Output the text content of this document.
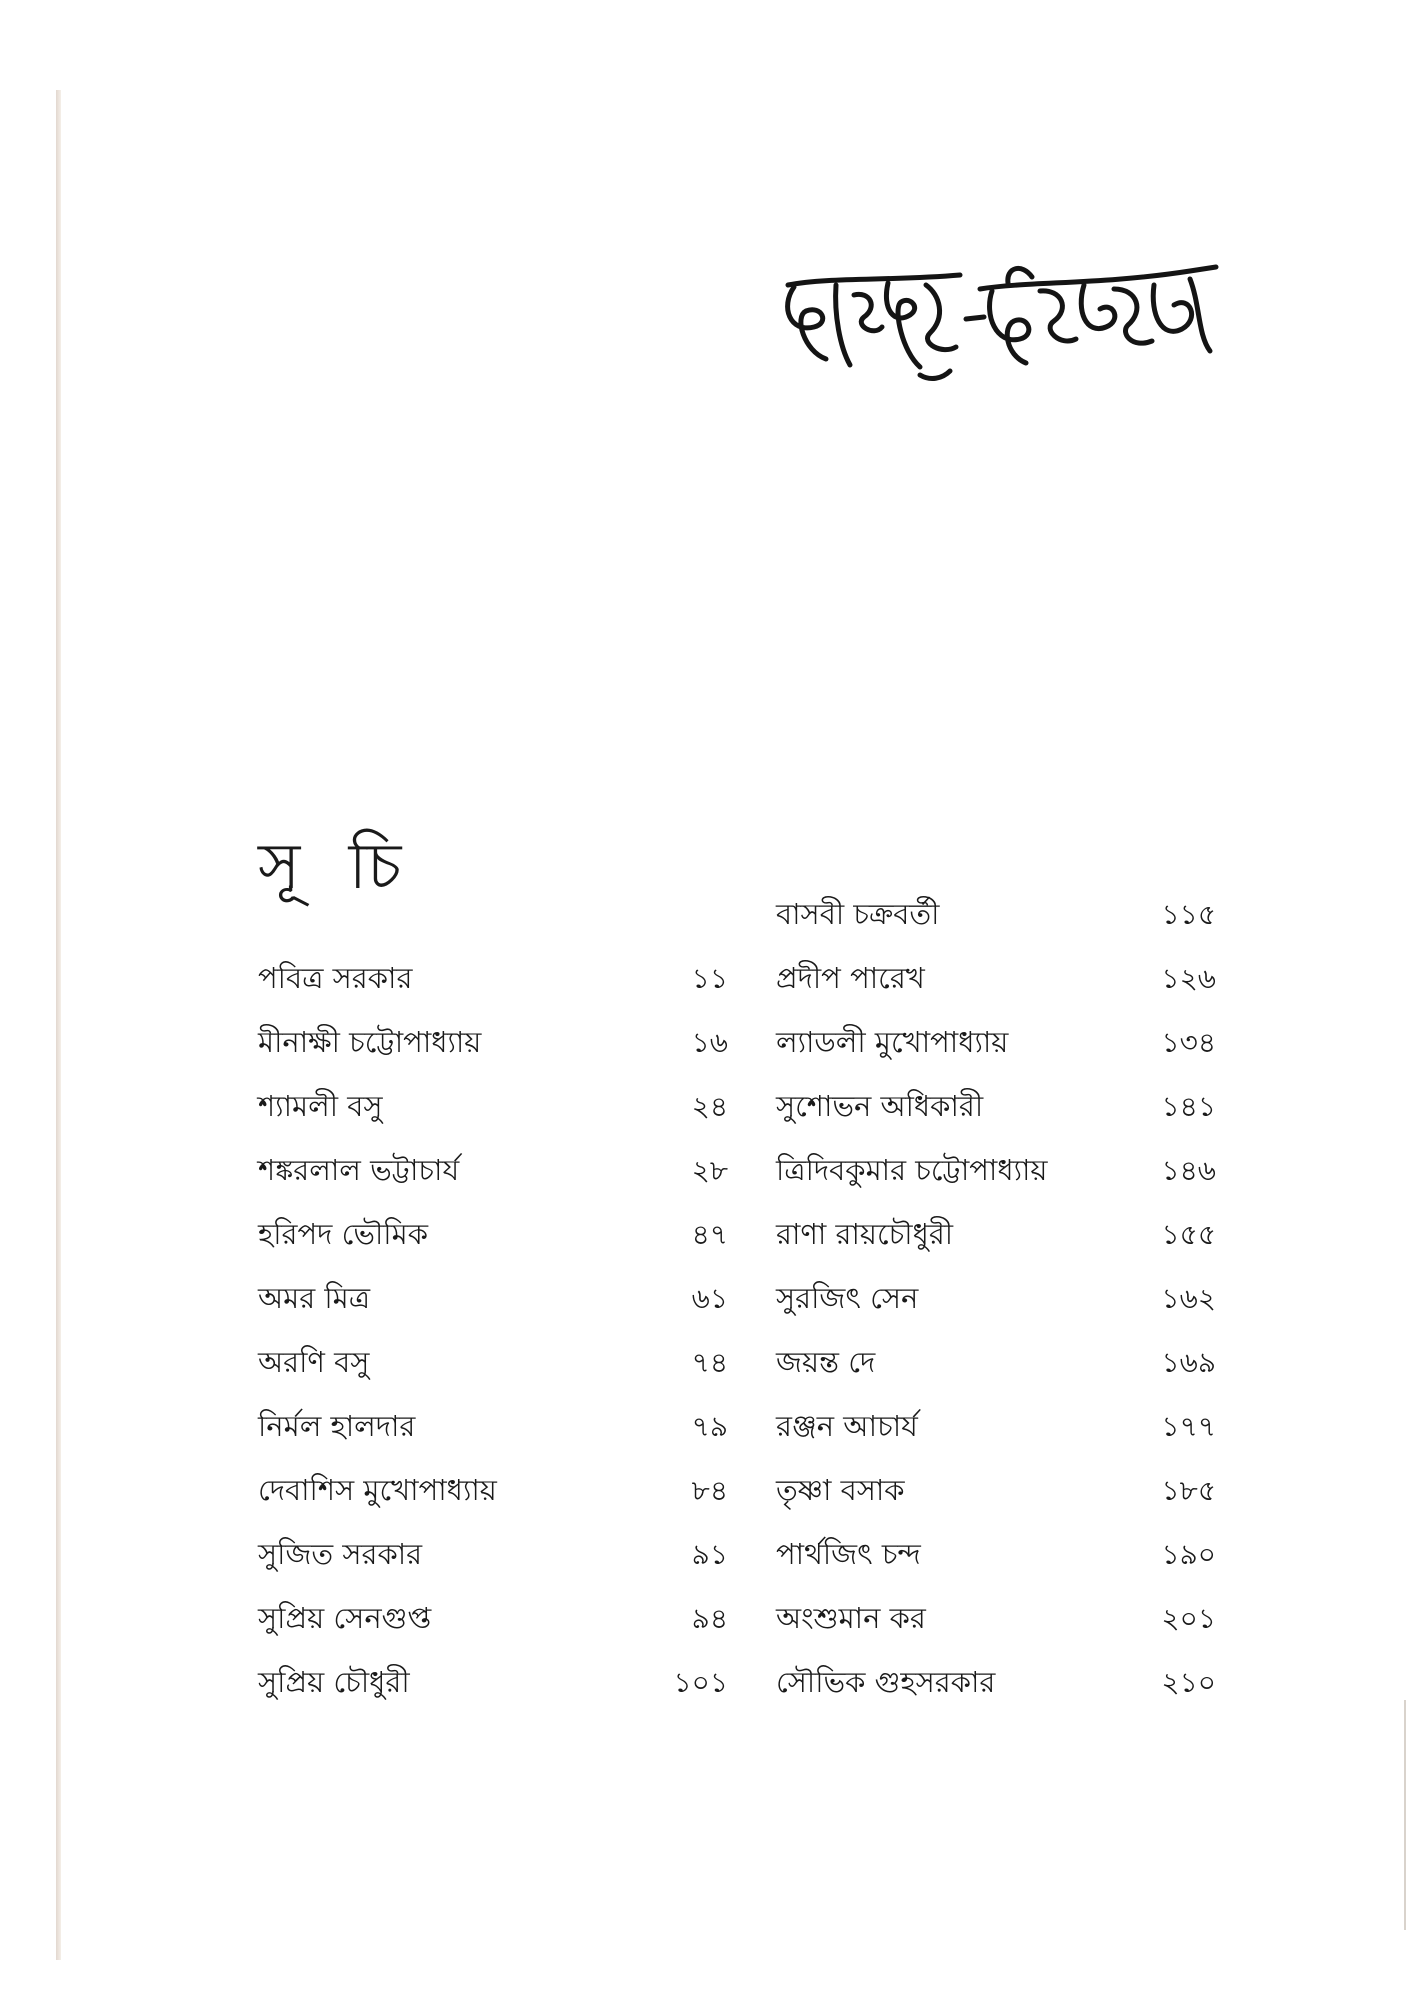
সূ চি
পবিত্র সরকার	১১
মীনাক্ষী চট্টোপাধ্যায়	১৬
শ্যামলী বসু	২৪
শঙ্করলাল ভট্টাচার্য	২৮
হরিপদ ভৌমিক	৪৭
অমর মিত্র	৬১
অরণি বসু	৭৪
নির্মল হালদার	৭৯
দেবাশিস মুখোপাধ্যায়	৮৪
সুজিত সরকার	৯১
সুপ্রিয় সেনগুপ্ত	৯৪
সুপ্রিয় চৌধুরী	১০১
বাসবী চক্রবর্তী	১১৫
প্রদীপ পারেখ	১২৬
ল্যাডলী মুখোপাধ্যায়	১৩৪
সুশোভন অধিকারী	১৪১
ত্রিদিবকুমার চট্টোপাধ্যায়	১৪৬
রাণা রায়চৌধুরী	১৫৫
সুরজিৎ সেন	১৬২
জয়ন্ত দে	১৬৯
রঞ্জন আচার্য	১৭৭
তৃষ্ণা বসাক	১৮৫
পার্থজিৎ চন্দ	১৯০
অংশুমান কর	২০১
সৌভিক গুহসরকার	২১০
